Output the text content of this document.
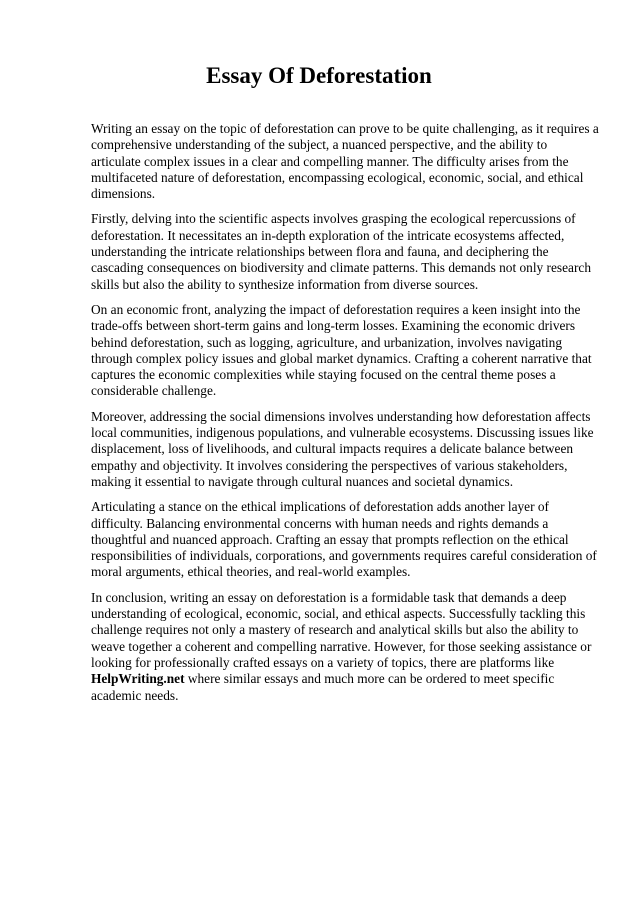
Essay Of Deforestation

Writing an essay on the topic of deforestation can prove to be quite challenging, as it requires a comprehensive understanding of the subject, a nuanced perspective, and the ability to articulate complex issues in a clear and compelling manner. The difficulty arises from the multifaceted nature of deforestation, encompassing ecological, economic, social, and ethical dimensions.

Firstly, delving into the scientific aspects involves grasping the ecological repercussions of deforestation. It necessitates an in-depth exploration of the intricate ecosystems affected, understanding the intricate relationships between flora and fauna, and deciphering the cascading consequences on biodiversity and climate patterns. This demands not only research skills but also the ability to synthesize information from diverse sources.

On an economic front, analyzing the impact of deforestation requires a keen insight into the trade-offs between short-term gains and long-term losses. Examining the economic drivers behind deforestation, such as logging, agriculture, and urbanization, involves navigating through complex policy issues and global market dynamics. Crafting a coherent narrative that captures the economic complexities while staying focused on the central theme poses a considerable challenge.

Moreover, addressing the social dimensions involves understanding how deforestation affects local communities, indigenous populations, and vulnerable ecosystems. Discussing issues like displacement, loss of livelihoods, and cultural impacts requires a delicate balance between empathy and objectivity. It involves considering the perspectives of various stakeholders, making it essential to navigate through cultural nuances and societal dynamics.

Articulating a stance on the ethical implications of deforestation adds another layer of difficulty. Balancing environmental concerns with human needs and rights demands a thoughtful and nuanced approach. Crafting an essay that prompts reflection on the ethical responsibilities of individuals, corporations, and governments requires careful consideration of moral arguments, ethical theories, and real-world examples.

In conclusion, writing an essay on deforestation is a formidable task that demands a deep understanding of ecological, economic, social, and ethical aspects. Successfully tackling this challenge requires not only a mastery of research and analytical skills but also the ability to weave together a coherent and compelling narrative. However, for those seeking assistance or looking for professionally crafted essays on a variety of topics, there are platforms like HelpWriting.net where similar essays and much more can be ordered to meet specific academic needs.
